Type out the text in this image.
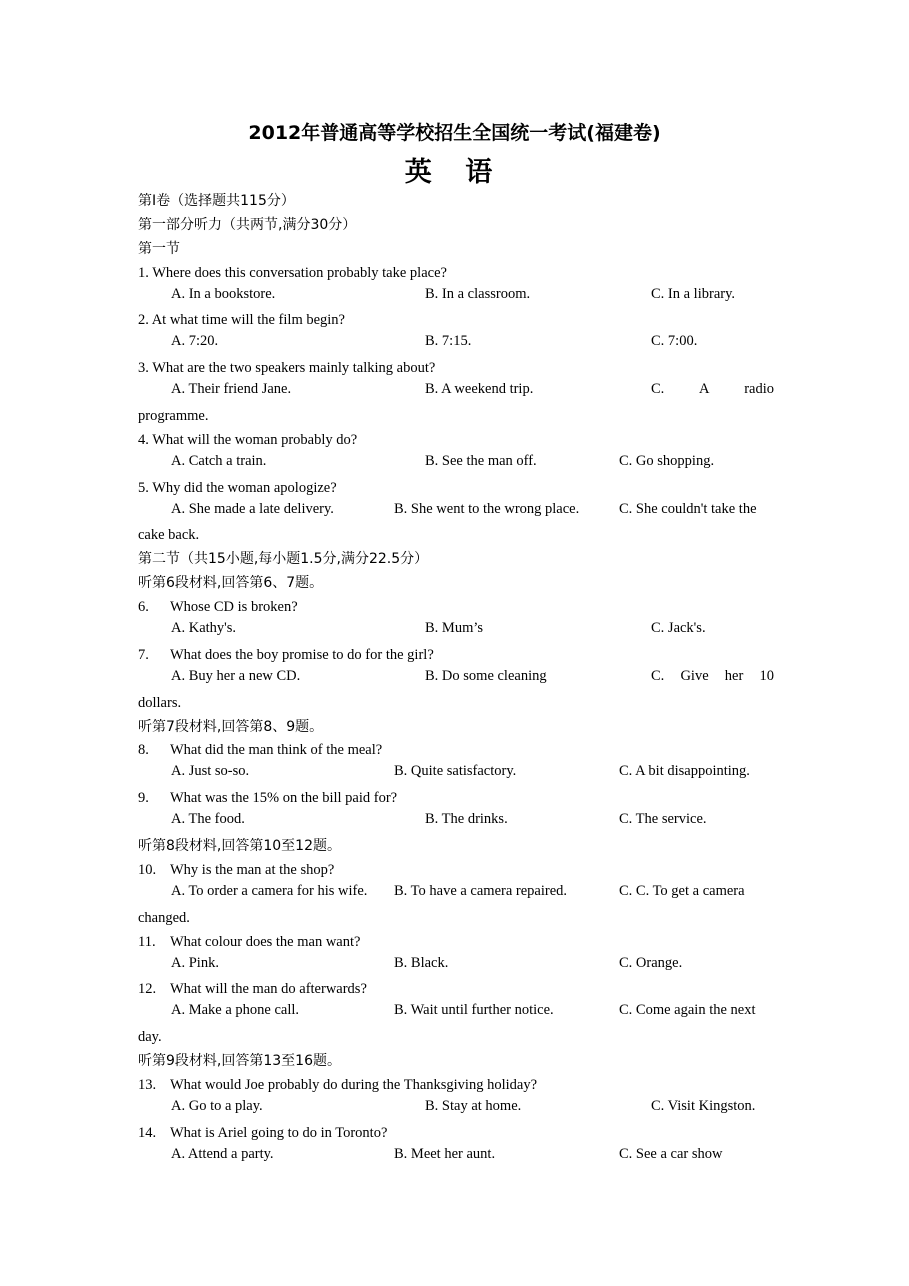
2012年普通高等学校招生全国统一考试(福建卷)
英 语
第I卷（选择题共115分）
第一部分听力（共两节,满分30分）
第一节
1. Where does this conversation probably take place?
A. In a bookstore.	B. In a classroom.	C. In a library.
2. At what time will the film begin?
A. 7:20.	B. 7:15.	C. 7:00.
3. What are the two speakers mainly talking about?
A. Their friend Jane.	B. A weekend trip.	C. A radio
programme.
4. What will the woman probably do?
A. Catch a train.	B. See the man off.	C. Go shopping.
5. Why did the woman apologize?
A. She made a late delivery.	B. She went to the wrong place.	C. She couldn't take the
cake back.
第二节（共15小题,每小题1.5分,满分22.5分）
听第6段材料,回答第6、7题。
6. Whose CD is broken?
A. Kathy's.	B. Mum’s	C. Jack's.
7. What does the boy promise to do for the girl?
A. Buy her a new CD.	B. Do some cleaning	C. Give her 10
dollars.
听第7段材料,回答第8、9题。
8. What did the man think of the meal?
A. Just so-so.	B. Quite satisfactory.	C. A bit disappointing.
9. What was the 15% on the bill paid for?
A. The food.	B. The drinks.	C. The service.
听第8段材料,回答第10至12题。
10. Why is the man at the shop?
A. To order a camera for his wife. B. To have a camera repaired.	C. C. To get a camera
changed.
11. What colour does the man want?
A. Pink.	B. Black.	C. Orange.
12. What will the man do afterwards?
A. Make a phone call.	B. Wait until further notice.	C. Come again the next
day.
听第9段材料,回答第13至16题。
13. What would Joe probably do during the Thanksgiving holiday?
A. Go to a play.	B. Stay at home.	C. Visit Kingston.
14. What is Ariel going to do in Toronto?
A. Attend a party.	B. Meet her aunt.	C. See a car show
